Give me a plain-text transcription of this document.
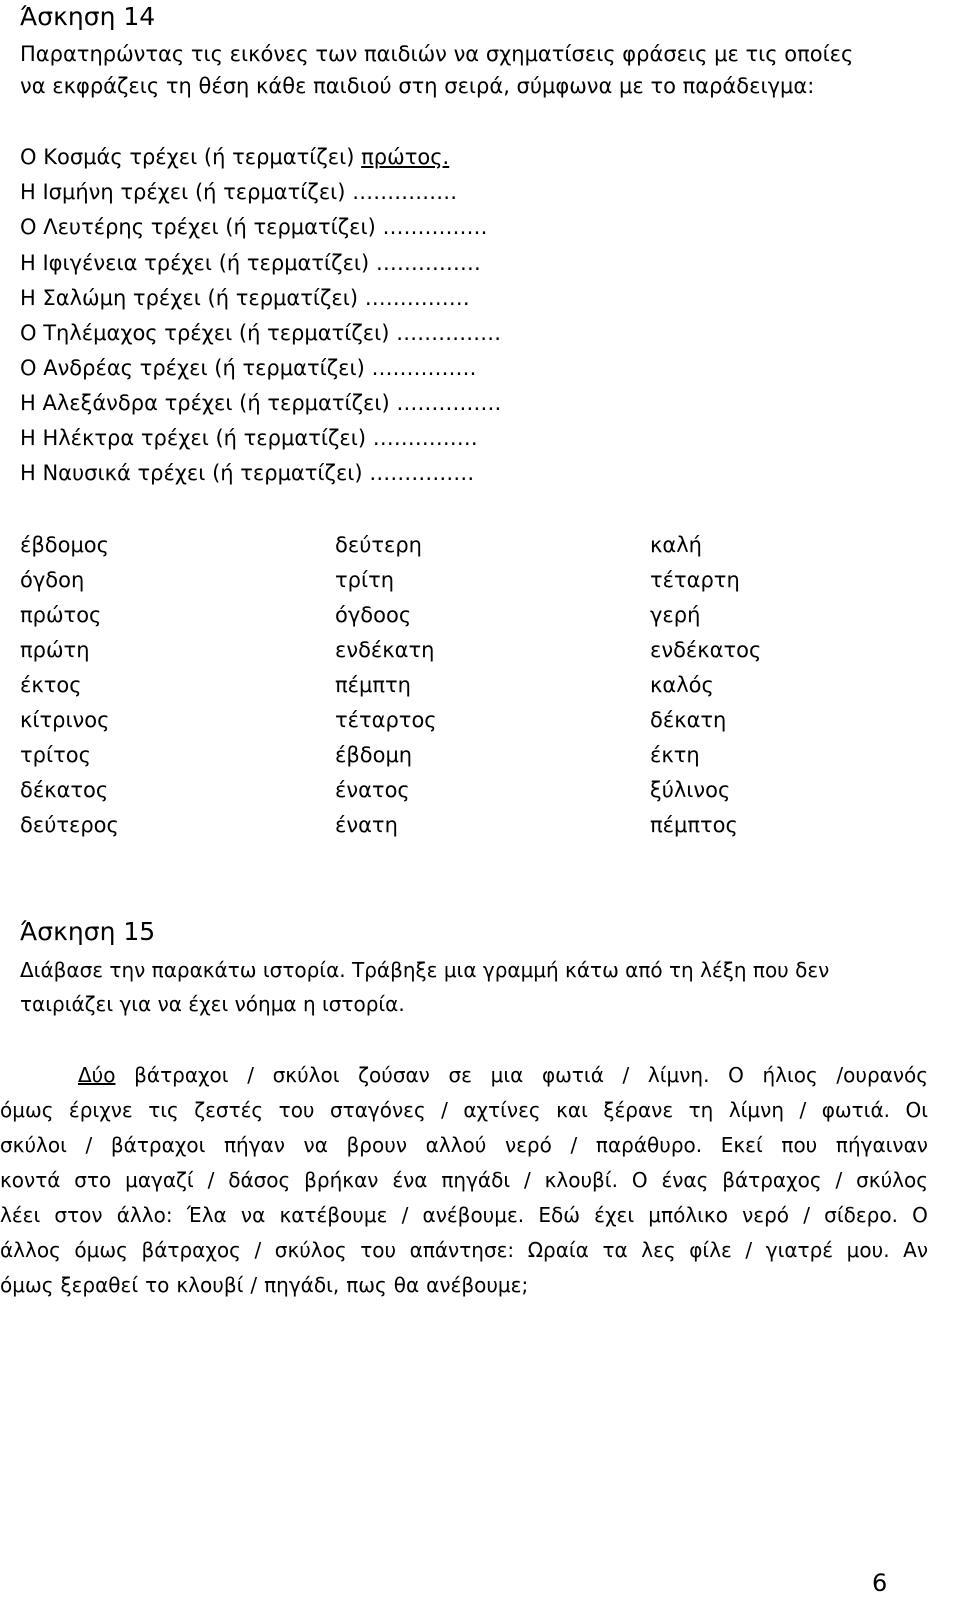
Άσκηση 14
Παρατηρώντας τις εικόνες των παιδιών να σχηματίσεις φράσεις με τις οποίες
να εκφράζεις τη θέση κάθε παιδιού στη σειρά, σύμφωνα με το παράδειγμα:
Ο Κοσμάς τρέχει (ή τερματίζει) πρώτος.
Η Ισμήνη τρέχει (ή τερματίζει) ……………
Ο Λευτέρης τρέχει (ή τερματίζει) ……………
Η Ιφιγένεια τρέχει (ή τερματίζει) ……………
Η Σαλώμη τρέχει (ή τερματίζει) ……………
Ο Τηλέμαχος τρέχει (ή τερματίζει) ……………
Ο Ανδρέας τρέχει (ή τερματίζει) ……………
Η Αλεξάνδρα τρέχει (ή τερματίζει) ……………
Η Ηλέκτρα τρέχει (ή τερματίζει) ……………
Η Ναυσικά τρέχει (ή τερματίζει) ……………
έβδομος	δεύτερη	καλή
όγδοη	τρίτη	τέταρτη
πρώτος	όγδοος	γερή
πρώτη	ενδέκατη	ενδέκατος
έκτος	πέμπτη	καλός
κίτρινος	τέταρτος	δέκατη
τρίτος	έβδομη	έκτη
δέκατος	ένατος	ξύλινος
δεύτερος	ένατη	πέμπτος
Άσκηση 15
Διάβασε την παρακάτω ιστορία. Τράβηξε μια γραμμή κάτω από τη λέξη που δεν
ταιριάζει για να έχει νόημα η ιστορία.
Δύο βάτραχοι / σκύλοι ζούσαν σε μια φωτιά / λίμνη. Ο ήλιος /ουρανός
όμως έριχνε τις ζεστές του σταγόνες / αχτίνες και ξέρανε τη λίμνη / φωτιά. Οι
σκύλοι / βάτραχοι πήγαν να βρουν αλλού νερό / παράθυρο. Εκεί που πήγαιναν
κοντά στο μαγαζί / δάσος βρήκαν ένα πηγάδι / κλουβί. Ο ένας βάτραχος / σκύλος
λέει στον άλλο: Έλα να κατέβουμε / ανέβουμε. Εδώ έχει μπόλικο νερό / σίδερο. Ο
άλλος όμως βάτραχος / σκύλος του απάντησε: Ωραία τα λες φίλε / γιατρέ μου. Αν
όμως ξεραθεί το κλουβί / πηγάδι, πως θα ανέβουμε;
6
